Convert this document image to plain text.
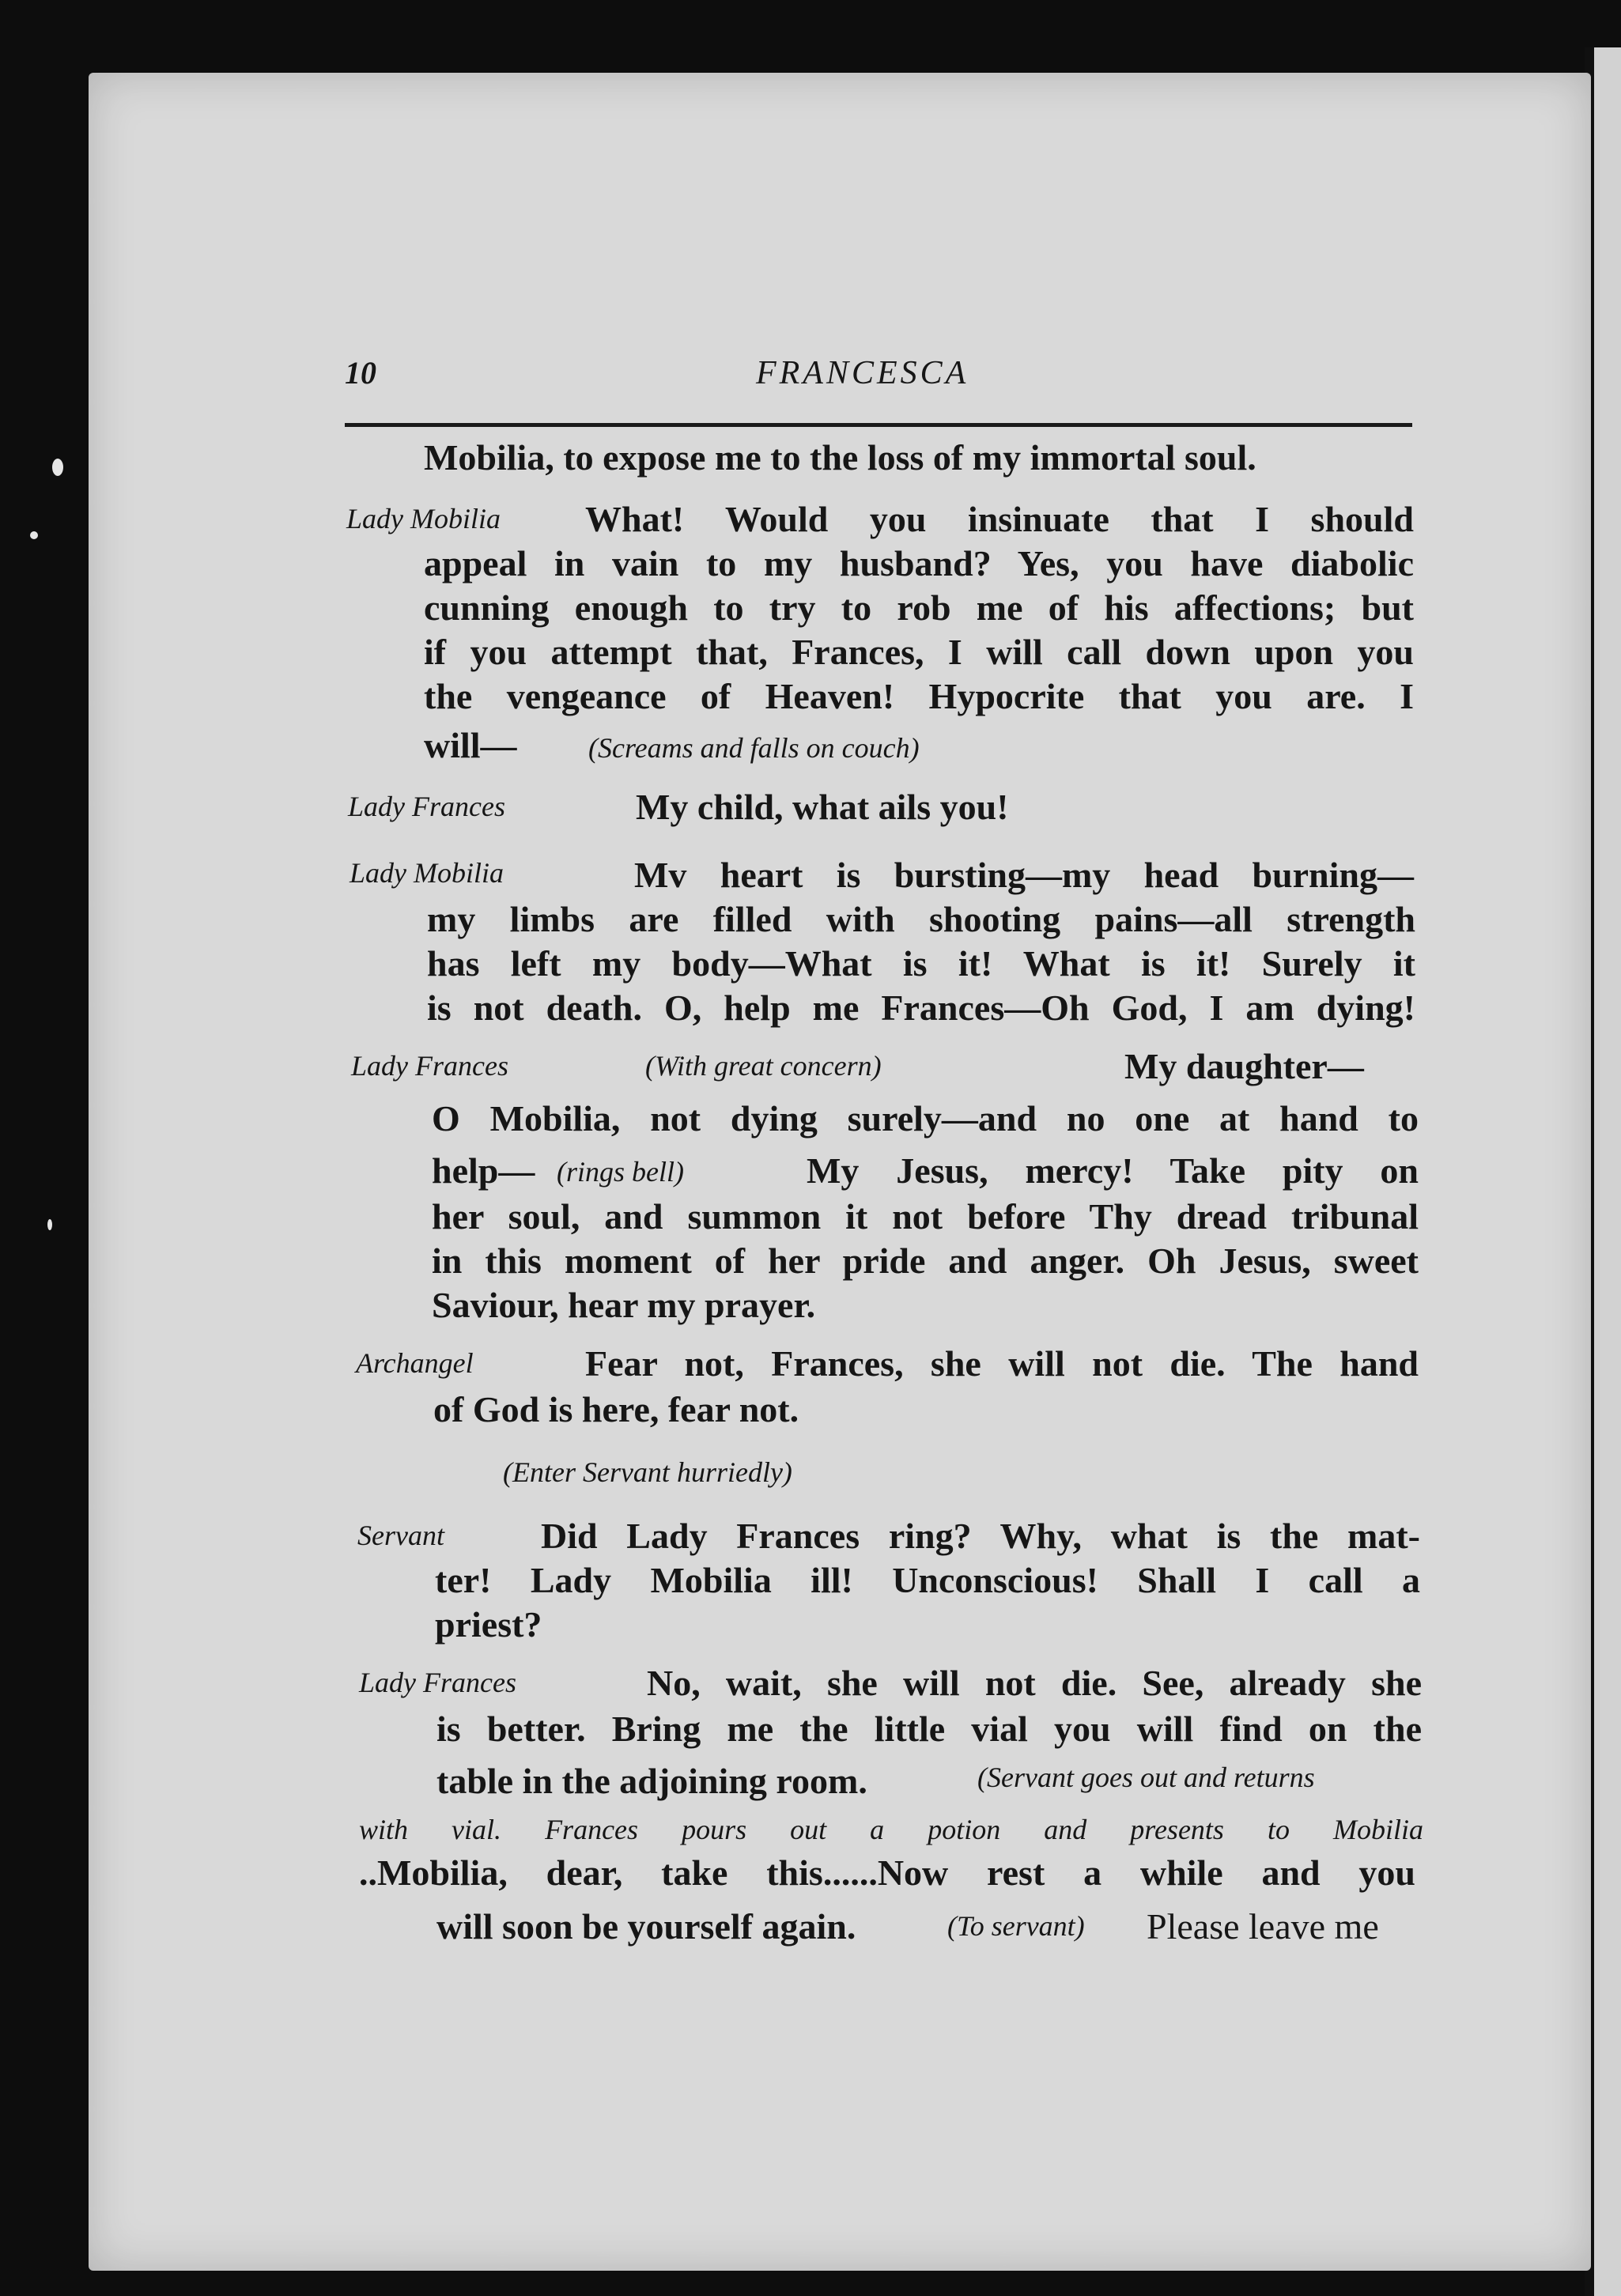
10	FRANCESCA
Mobilia, to expose me to the loss of my immortal soul.
Lady Mobilia What! Would you insinuate that I should
appeal in vain to my husband? Yes, you have diabolic
cunning enough to try to rob me of his affections; but
if you attempt that, Frances, I will call down upon you
the vengeance of Heaven! Hypocrite that you are. I
will—	(Screams and falls on couch)
Lady Frances	My child, what ails you!
Lady Mobilia	Mv heart is bursting—my head burning—
my limbs are filled with shooting pains—all strength
has left my body—What is it! What is it! Surely it
is not death. O, help me Frances—Oh God, I am dying!
Lady Frances	(With great concern)	My daughter—
O Mobilia, not dying surely—and no one at hand to
help— (rings bell)	My Jesus, mercy! Take pity on
her soul, and summon it not before Thy dread tribunal
in this moment of her pride and anger. Oh Jesus, sweet
Saviour, hear my prayer.
Archangel	Fear not, Frances, she will not die. The hand
of God is here, fear not.
(Enter Servant hurriedly)
Servant	Did Lady Frances ring? Why, what is the mat-
ter! Lady Mobilia ill! Unconscious! Shall I call a
priest?
Lady Frances	No, wait, she will not die. See, already she
is better. Bring me the little vial you will find on the
table in the adjoining room.	(Servant goes out and returns
with vial. Frances pours out a potion and presents to Mobilia
..Mobilia, dear, take this......Now rest a while and you
will soon be yourself again.	(To servant) Please leave me
